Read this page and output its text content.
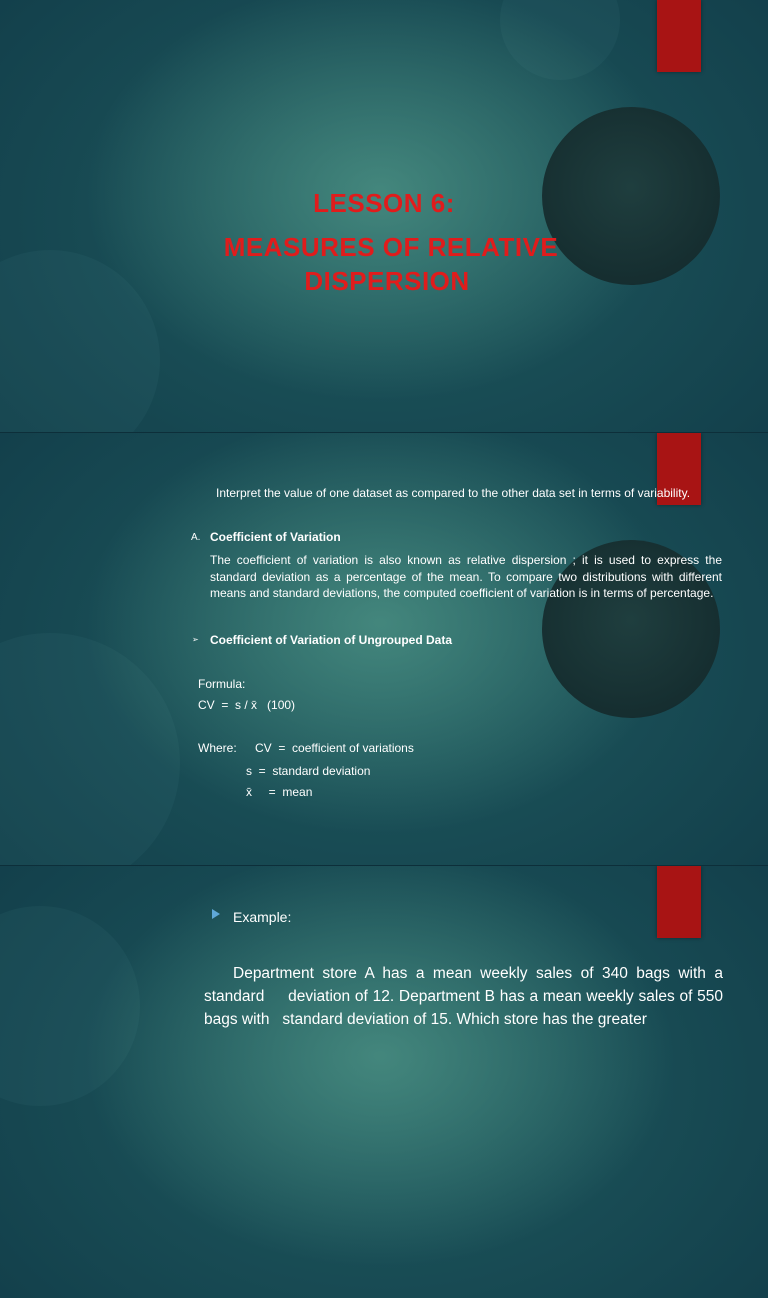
LESSON 6:
MEASURES OF RELATIVE
DISPERSION
Interpret the value of one dataset as compared to the other data set in terms of variability.
A. Coefficient of Variation
The coefficient of variation is also known as relative dispersion ; it is used to express the standard deviation as a percentage of the mean. To compare two distributions with different means and standard deviations, the computed coefficient of variation is in terms of percentage.
➢ Coefficient of Variation of Ungrouped Data
Formula:
CV  =  s / x̄   (100)
Where: CV  =  coefficient of variations
s  =  standard deviation
x̄     =  mean
Example:
Department store A has a mean weekly sales of 340 bags with a standard     deviation of 12. Department B has a mean weekly sales of 550 bags with   standard deviation of 15. Which store has the greater
